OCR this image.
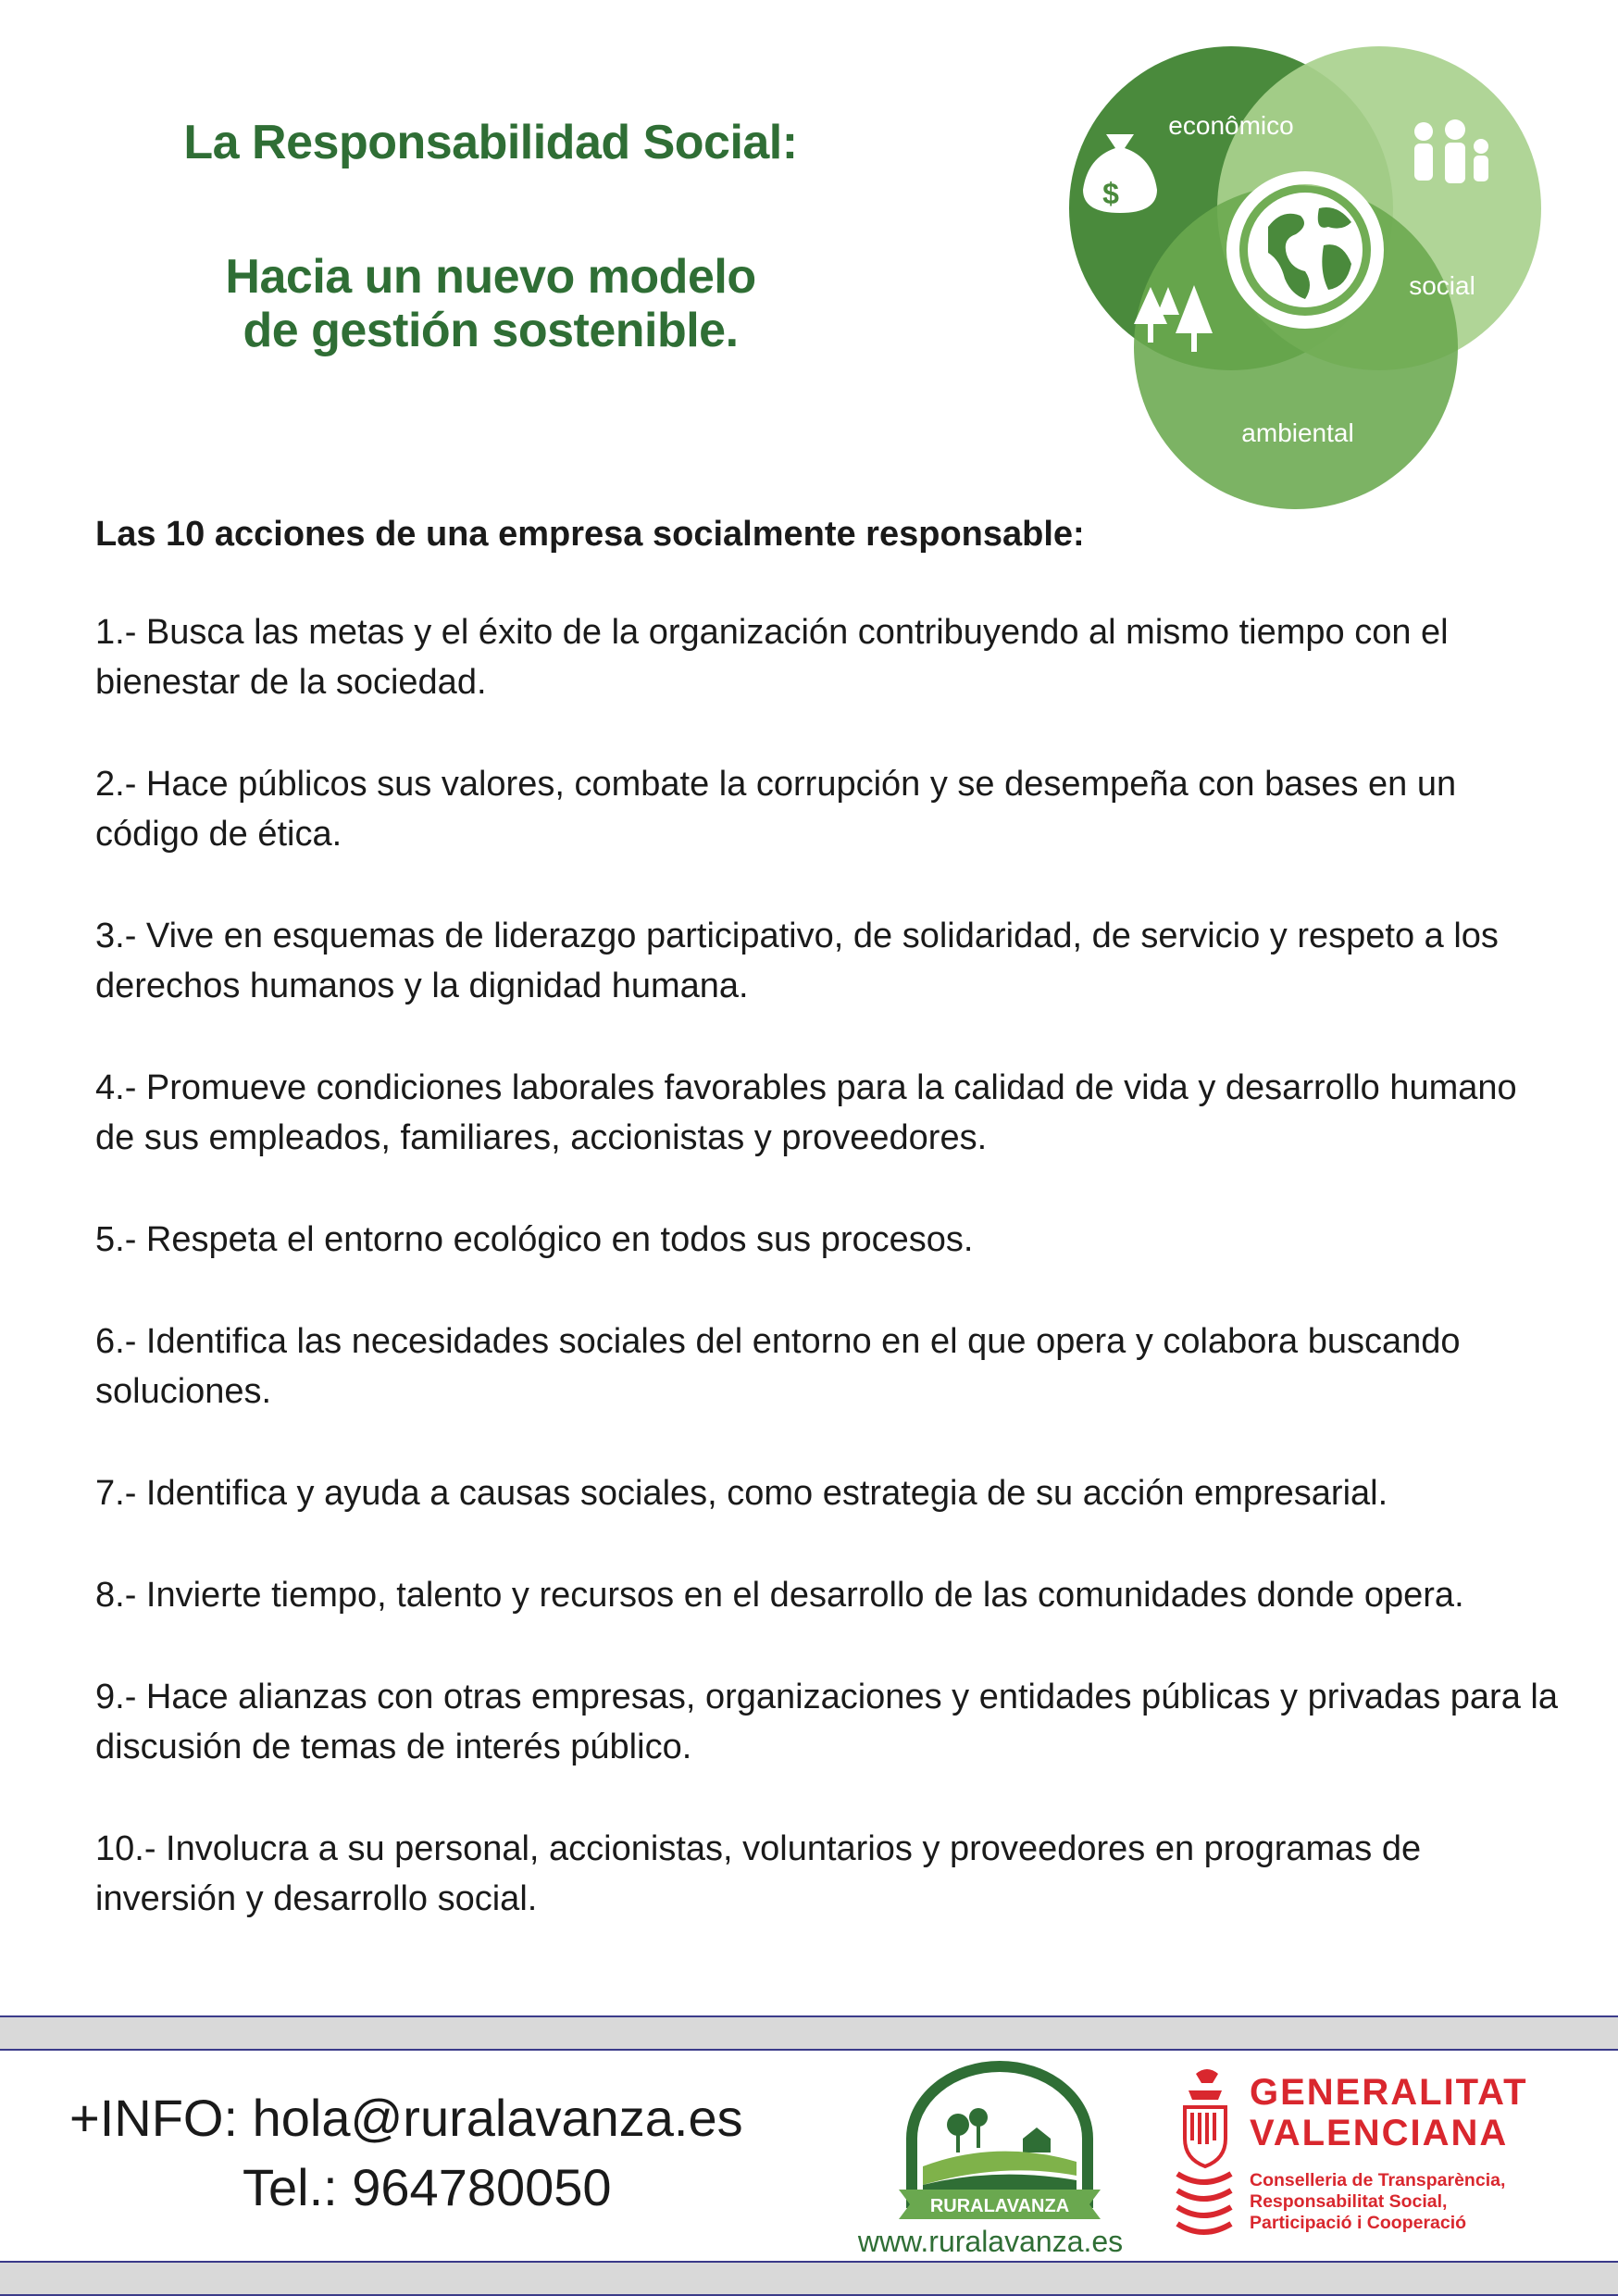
La Responsabilidad Social:
Hacia un nuevo modelo
de gestión sostenible.
$
econômico
social
ambiental

Las 10 acciones de una empresa socialmente responsable:

1.- Busca las metas y el éxito de la organización contribuyendo al mismo tiempo con el bienestar de la sociedad.
2.- Hace públicos sus valores, combate la corrupción y se desempeña con bases en un código de ética.
3.- Vive en esquemas de liderazgo participativo, de solidaridad, de servicio y respeto a los derechos humanos y la dignidad humana.
4.- Promueve condiciones laborales favorables para la calidad de vida y desarrollo humano de sus empleados, familiares, accionistas y proveedores.
5.- Respeta el entorno ecológico en todos sus procesos.
6.- Identifica las necesidades sociales del entorno en el que opera y colabora buscando soluciones.
7.- Identifica y ayuda a causas sociales, como estrategia de su acción empresarial.
8.- Invierte tiempo, talento y recursos en el desarrollo de las comunidades donde opera.
9.- Hace alianzas con otras empresas, organizaciones y entidades públicas y privadas para la discusión de temas de interés público.
10.- Involucra a su personal, accionistas, voluntarios y proveedores en programas de inversión y desarrollo social.
+INFO: hola@ruralavanza.es
Tel.: 964780050	RURALAVANZA
www.ruralavanza.es

GENERALITAT
VALENCIANA

Conselleria de Transparència,
Responsabilitat Social,
Participació i Cooperació
